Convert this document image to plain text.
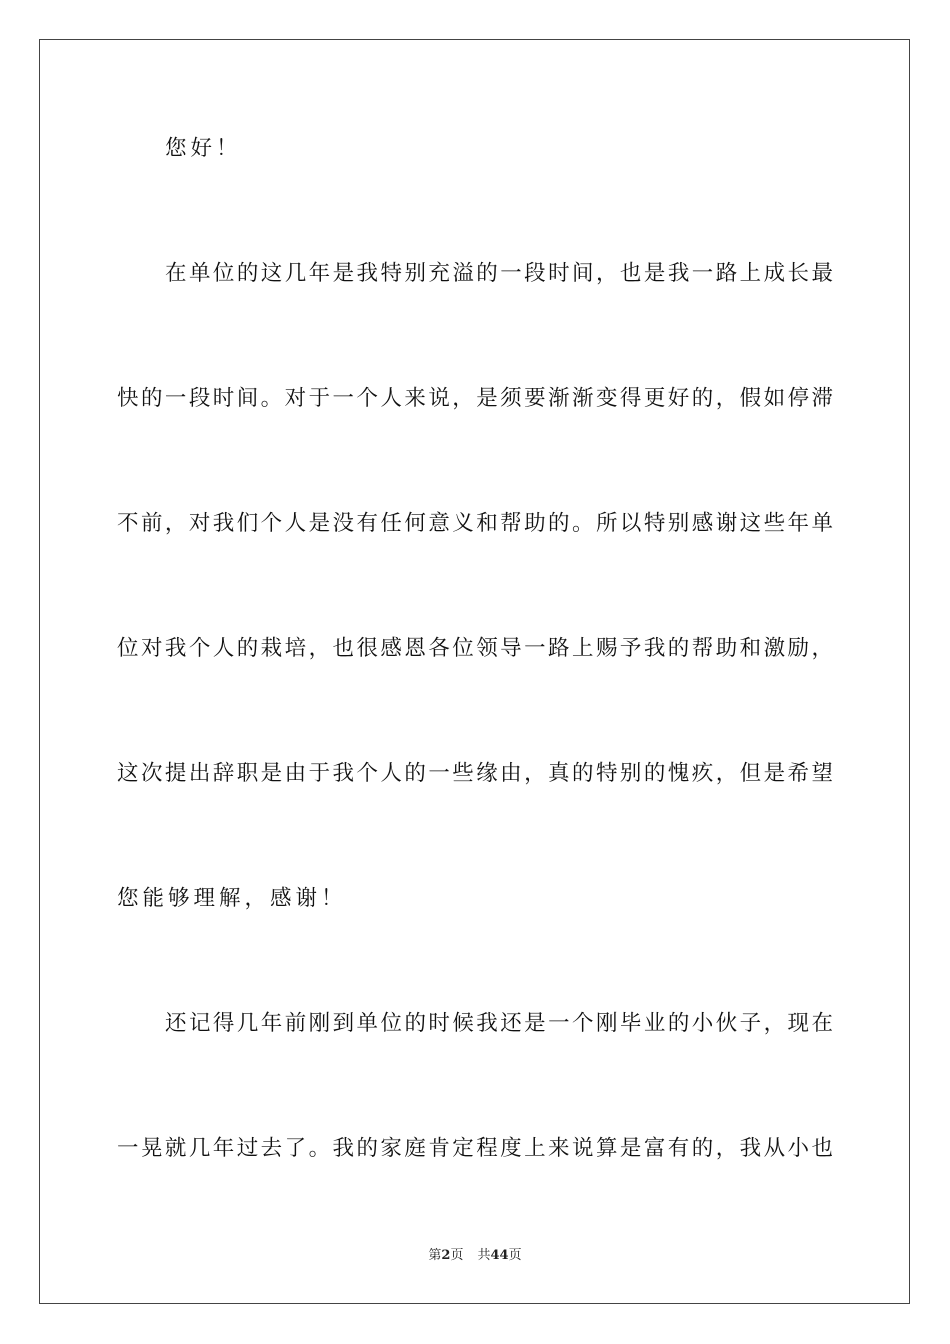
您好！
在单位的这几年是我特别充溢的一段时间，也是我一路上成长最
快的一段时间。对于一个人来说，是须要渐渐变得更好的，假如停滞
不前，对我们个人是没有任何意义和帮助的。所以特别感谢这些年单
位对我个人的栽培，也很感恩各位领导一路上赐予我的帮助和激励，
这次提出辞职是由于我个人的一些缘由，真的特别的愧疚，但是希望
您能够理解，感谢！
还记得几年前刚到单位的时候我还是一个刚毕业的小伙子，现在
一晃就几年过去了。我的家庭肯定程度上来说算是富有的，我从小也
第2页 共44页
